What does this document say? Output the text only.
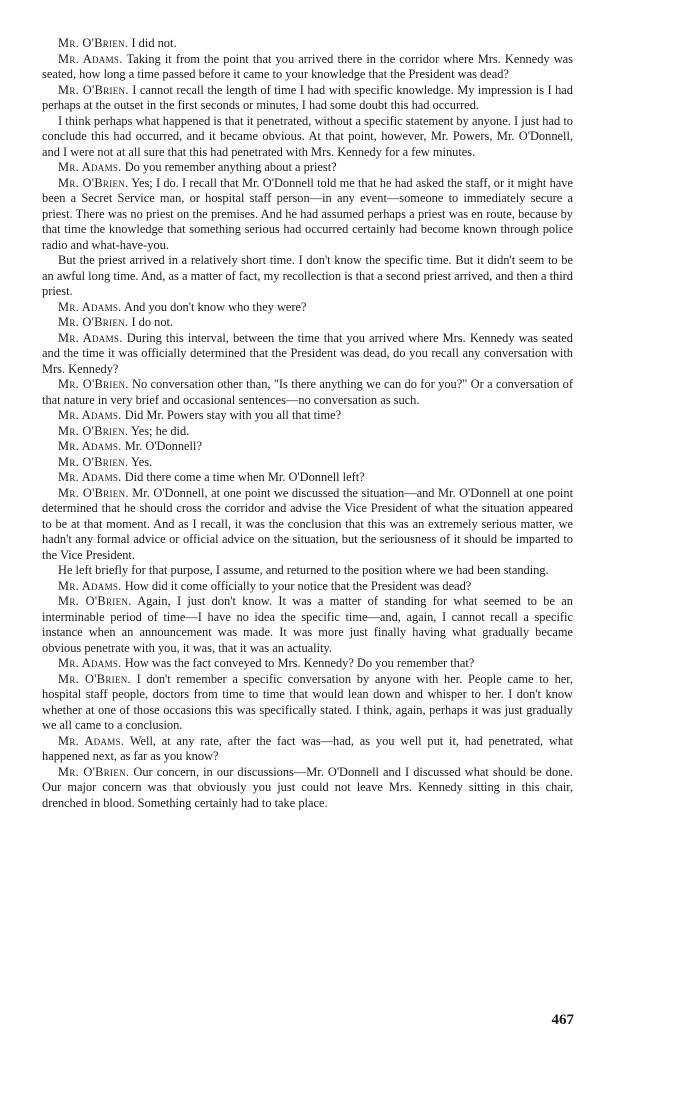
Mr. O'Brien. I did not.

Mr. Adams. Taking it from the point that you arrived there in the corridor where Mrs. Kennedy was seated, how long a time passed before it came to your knowledge that the President was dead?

Mr. O'Brien. I cannot recall the length of time I had with specific knowledge. My impression is I had perhaps at the outset in the first seconds or minutes, I had some doubt this had occurred.

I think perhaps what happened is that it penetrated, without a specific statement by anyone. I just had to conclude this had occurred, and it became obvious. At that point, however, Mr. Powers, Mr. O'Donnell, and I were not at all sure that this had penetrated with Mrs. Kennedy for a few minutes.

Mr. Adams. Do you remember anything about a priest?

Mr. O'Brien. Yes; I do. I recall that Mr. O'Donnell told me that he had asked the staff, or it might have been a Secret Service man, or hospital staff person—in any event—someone to immediately secure a priest. There was no priest on the premises. And he had assumed perhaps a priest was en route, because by that time the knowledge that something serious had occurred certainly had become known through police radio and what-have-you.

But the priest arrived in a relatively short time. I don't know the specific time. But it didn't seem to be an awful long time. And, as a matter of fact, my recollection is that a second priest arrived, and then a third priest.

Mr. Adams. And you don't know who they were?

Mr. O'Brien. I do not.

Mr. Adams. During this interval, between the time that you arrived where Mrs. Kennedy was seated and the time it was officially determined that the President was dead, do you recall any conversation with Mrs. Kennedy?

Mr. O'Brien. No conversation other than, "Is there anything we can do for you?" Or a conversation of that nature in very brief and occasional sentences—no conversation as such.

Mr. Adams. Did Mr. Powers stay with you all that time?

Mr. O'Brien. Yes; he did.

Mr. Adams. Mr. O'Donnell?

Mr. O'Brien. Yes.

Mr. Adams. Did there come a time when Mr. O'Donnell left?

Mr. O'Brien. Mr. O'Donnell, at one point we discussed the situation—and Mr. O'Donnell at one point determined that he should cross the corridor and advise the Vice President of what the situation appeared to be at that moment. And as I recall, it was the conclusion that this was an extremely serious matter, we hadn't any formal advice or official advice on the situation, but the seriousness of it should be imparted to the Vice President.

He left briefly for that purpose, I assume, and returned to the position where we had been standing.

Mr. Adams. How did it come officially to your notice that the President was dead?

Mr. O'Brien. Again, I just don't know. It was a matter of standing for what seemed to be an interminable period of time—I have no idea the specific time—and, again, I cannot recall a specific instance when an announcement was made. It was more just finally having what gradually became obvious penetrate with you, it was, that it was an actuality.

Mr. Adams. How was the fact conveyed to Mrs. Kennedy? Do you remember that?

Mr. O'Brien. I don't remember a specific conversation by anyone with her. People came to her, hospital staff people, doctors from time to time that would lean down and whisper to her. I don't know whether at one of those occasions this was specifically stated. I think, again, perhaps it was just gradually we all came to a conclusion.

Mr. Adams. Well, at any rate, after the fact was—had, as you well put it, had penetrated, what happened next, as far as you know?

Mr. O'Brien. Our concern, in our discussions—Mr. O'Donnell and I discussed what should be done. Our major concern was that obviously you just could not leave Mrs. Kennedy sitting in this chair, drenched in blood. Something certainly had to take place.

467
